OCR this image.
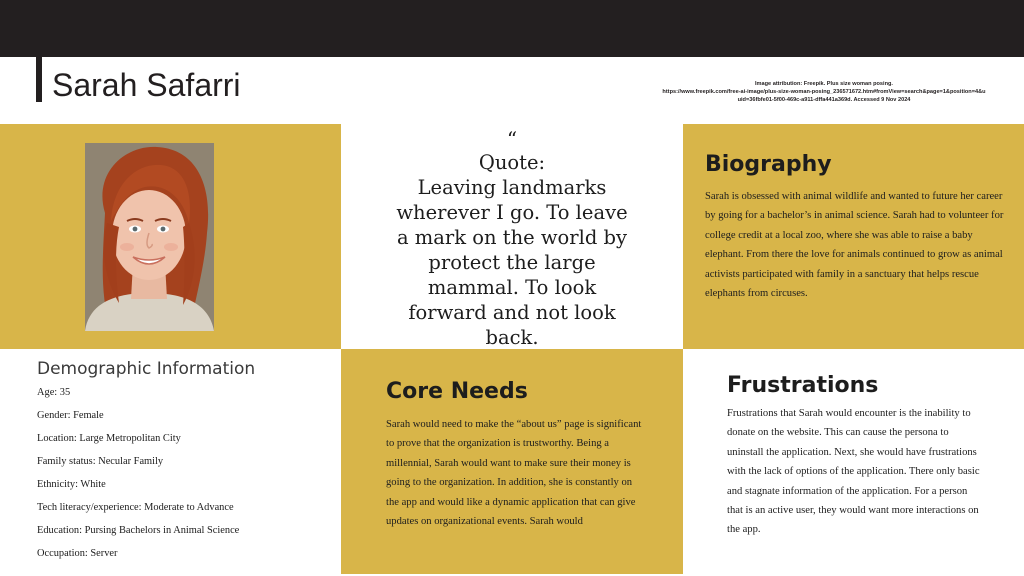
Sarah Safarri	Image attribution: Freepik. Plus size woman posing.
https://www.freepik.com/free-ai-image/plus-size-woman-posing_236571672.htm#fromView=search&page=1&position=4&u
uid=36fbfe01-5f00-469c-a911-dffa441a369d. Accessed 9 Nov 2024
“
Quote:
Leaving landmarks wherever I go. To leave a mark on the world by protect the large mammal. To look forward and not look back.
Biography
Sarah is obsessed with animal wildlife and wanted to future her career by going for a bachelor’s in animal science. Sarah had to volunteer for college credit at a local zoo, where she was able to raise a baby elephant. From there the love for animals continued to grow as animal activists participated with family in a sanctuary that helps rescue elephants from circuses.
Demographic Information
Age: 35
Gender: Female
Location: Large Metropolitan City
Family status: Necular Family
Ethnicity: White
Tech literacy/experience: Moderate to Advance
Education: Pursing Bachelors in Animal Science
Occupation: Server
Core Needs
Sarah would need to make the “about us” page is significant to prove that the organization is trustworthy. Being a millennial, Sarah would want to make sure their money is going to the organization. In addition, she is constantly on the app and would like a dynamic application that can give updates on organizational events. Sarah would
Frustrations
Frustrations that Sarah would encounter is the inability to donate on the website. This can cause the persona to uninstall the application. Next, she would have frustrations with the lack of options of the application. There only basic and stagnate information of the application. For a person that is an active user, they would want more interactions on the app.
